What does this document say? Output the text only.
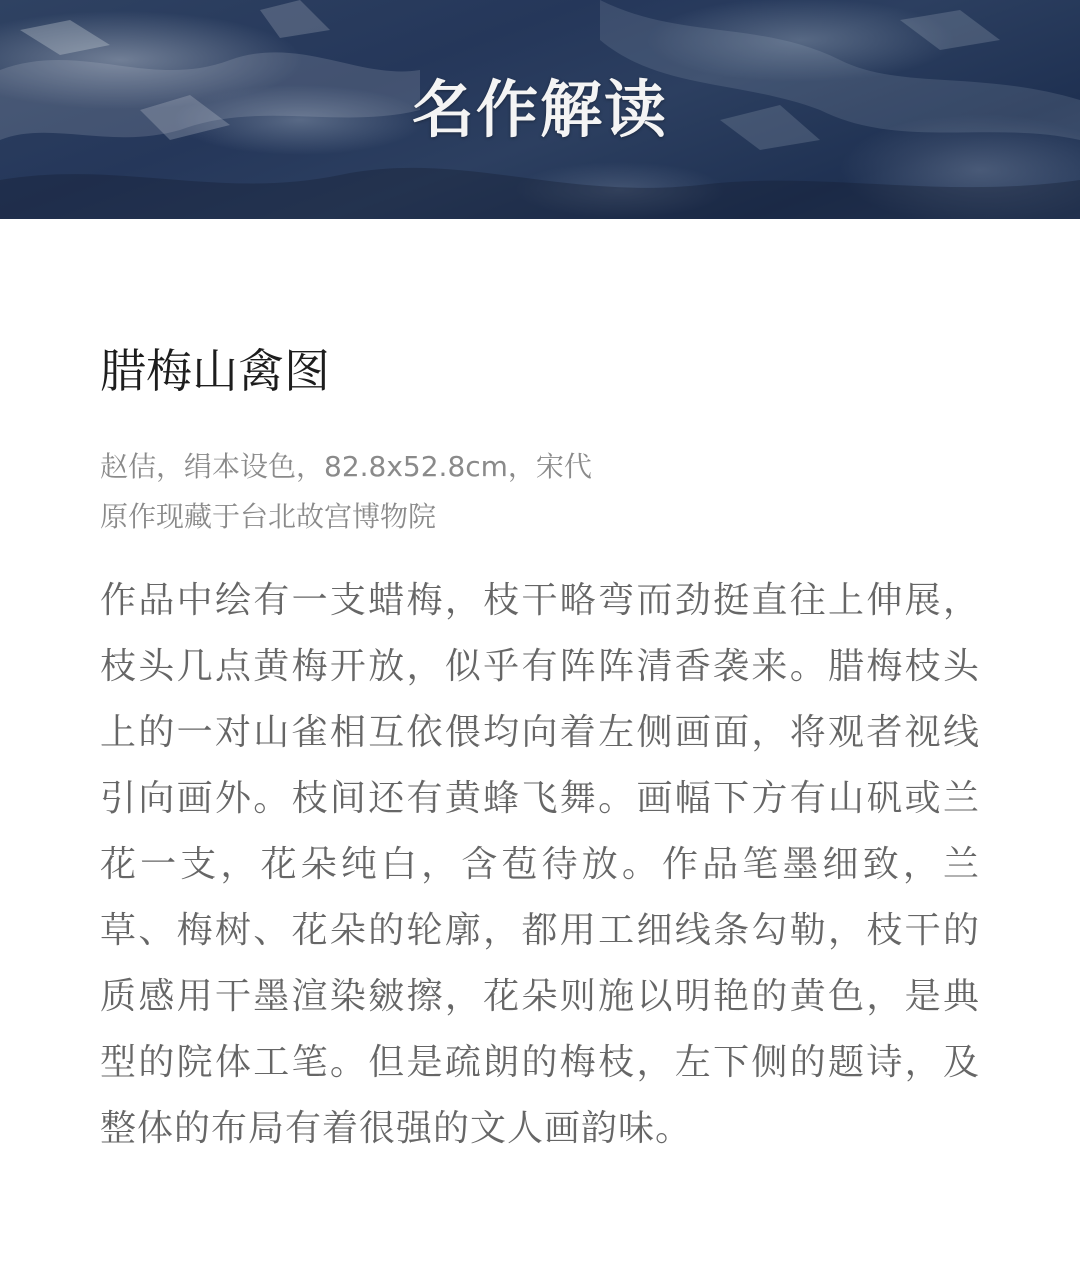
名作解读
腊梅山禽图
赵佶，绢本设色，82.8x52.8cm，宋代
原作现藏于台北故宫博物院
作品中绘有一支蜡梅，枝干略弯而劲挺直往上伸展，枝头几点黄梅开放，似乎有阵阵清香袭来。腊梅枝头上的一对山雀相互依偎均向着左侧画面，将观者视线引向画外。枝间还有黄蜂飞舞。画幅下方有山矾或兰花一支，花朵纯白，含苞待放。作品笔墨细致，兰草、梅树、花朵的轮廓，都用工细线条勾勒，枝干的质感用干墨渲染皴擦，花朵则施以明艳的黄色，是典型的院体工笔。但是疏朗的梅枝，左下侧的题诗，及整体的布局有着很强的文人画韵味。
